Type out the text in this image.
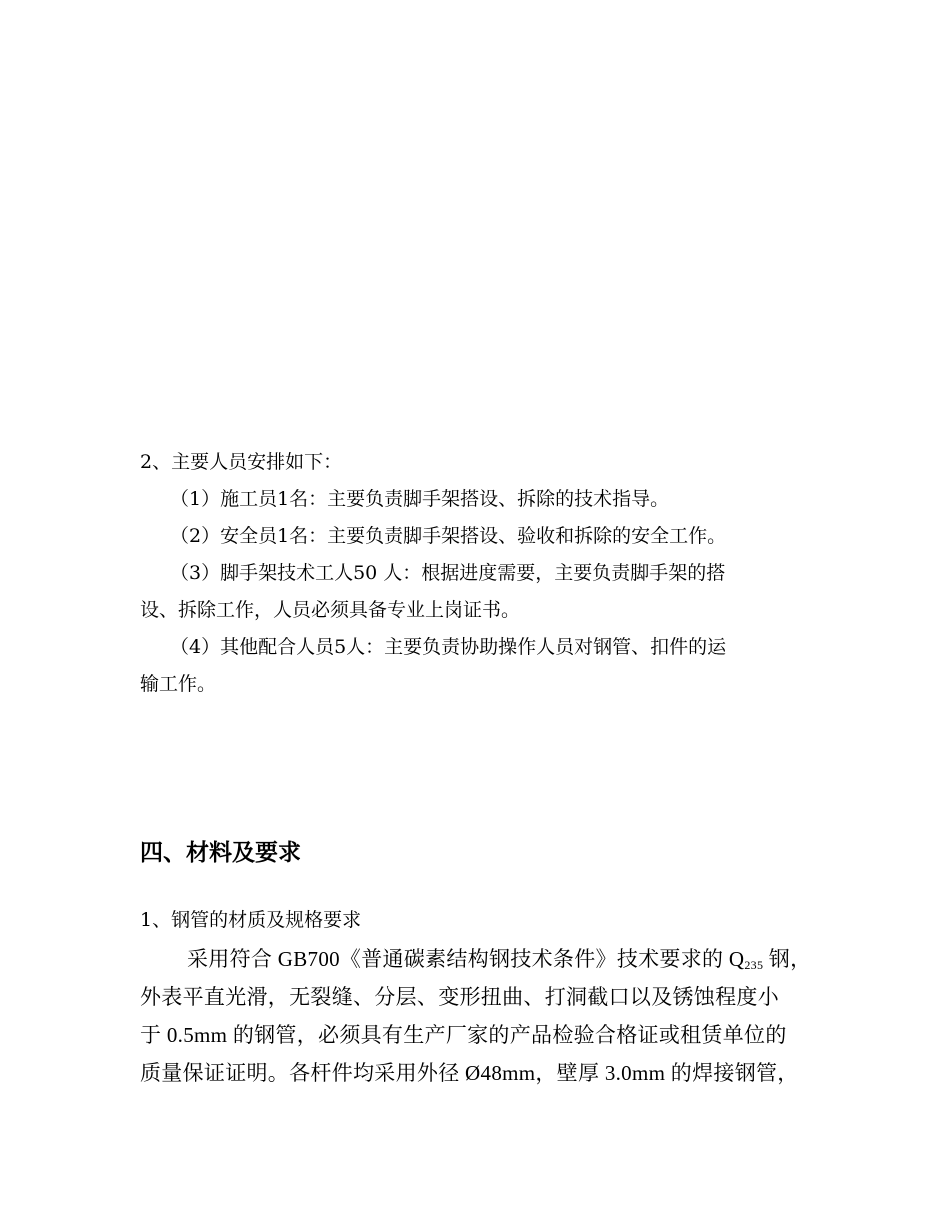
2、主要人员安排如下：
（1）施工员1名：主要负责脚手架搭设、拆除的技术指导。
（2）安全员1名：主要负责脚手架搭设、验收和拆除的安全工作。
（3）脚手架技术工人50 人：根据进度需要，主要负责脚手架的搭
设、拆除工作，人员必须具备专业上岗证书。
（4）其他配合人员5人：主要负责协助操作人员对钢管、扣件的运
输工作。
四、材料及要求
1、钢管的材质及规格要求
采用符合 GB700《普通碳素结构钢技术条件》技术要求的 $Q_{235}$ 钢，
外表平直光滑，无裂缝、分层、变形扭曲、打洞截口以及锈蚀程度小
于 0.5mm 的钢管，必须具有生产厂家的产品检验合格证或租赁单位的
质量保证证明。各杆件均采用外径 Ø48mm，壁厚 3.0mm 的焊接钢管，
